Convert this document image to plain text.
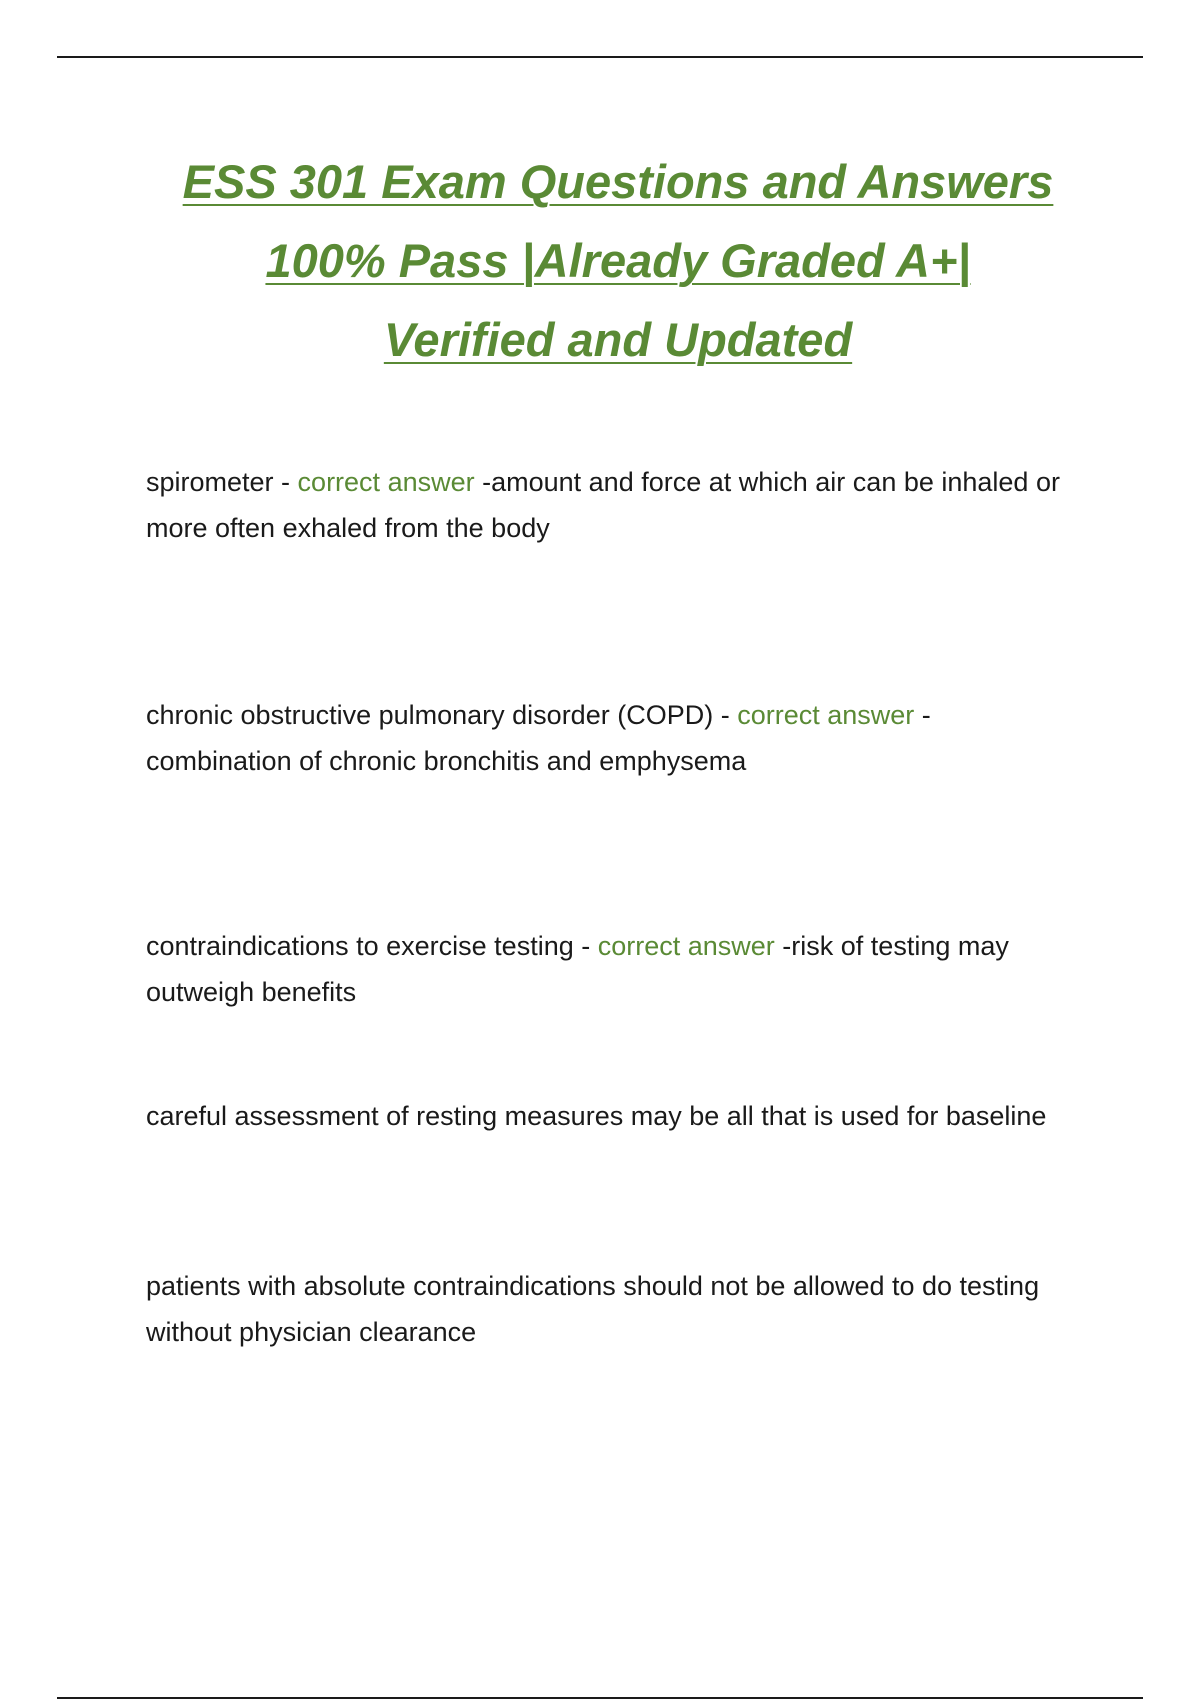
ESS 301 Exam Questions and Answers
100% Pass |Already Graded A+|
Verified and Updated

spirometer - correct answer -amount and force at which air can be inhaled or more often exhaled from the body

chronic obstructive pulmonary disorder (COPD) - correct answer -combination of chronic bronchitis and emphysema

contraindications to exercise testing - correct answer -risk of testing may outweigh benefits

careful assessment of resting measures may be all that is used for baseline

patients with absolute contraindications should not be allowed to do testing without physician clearance
